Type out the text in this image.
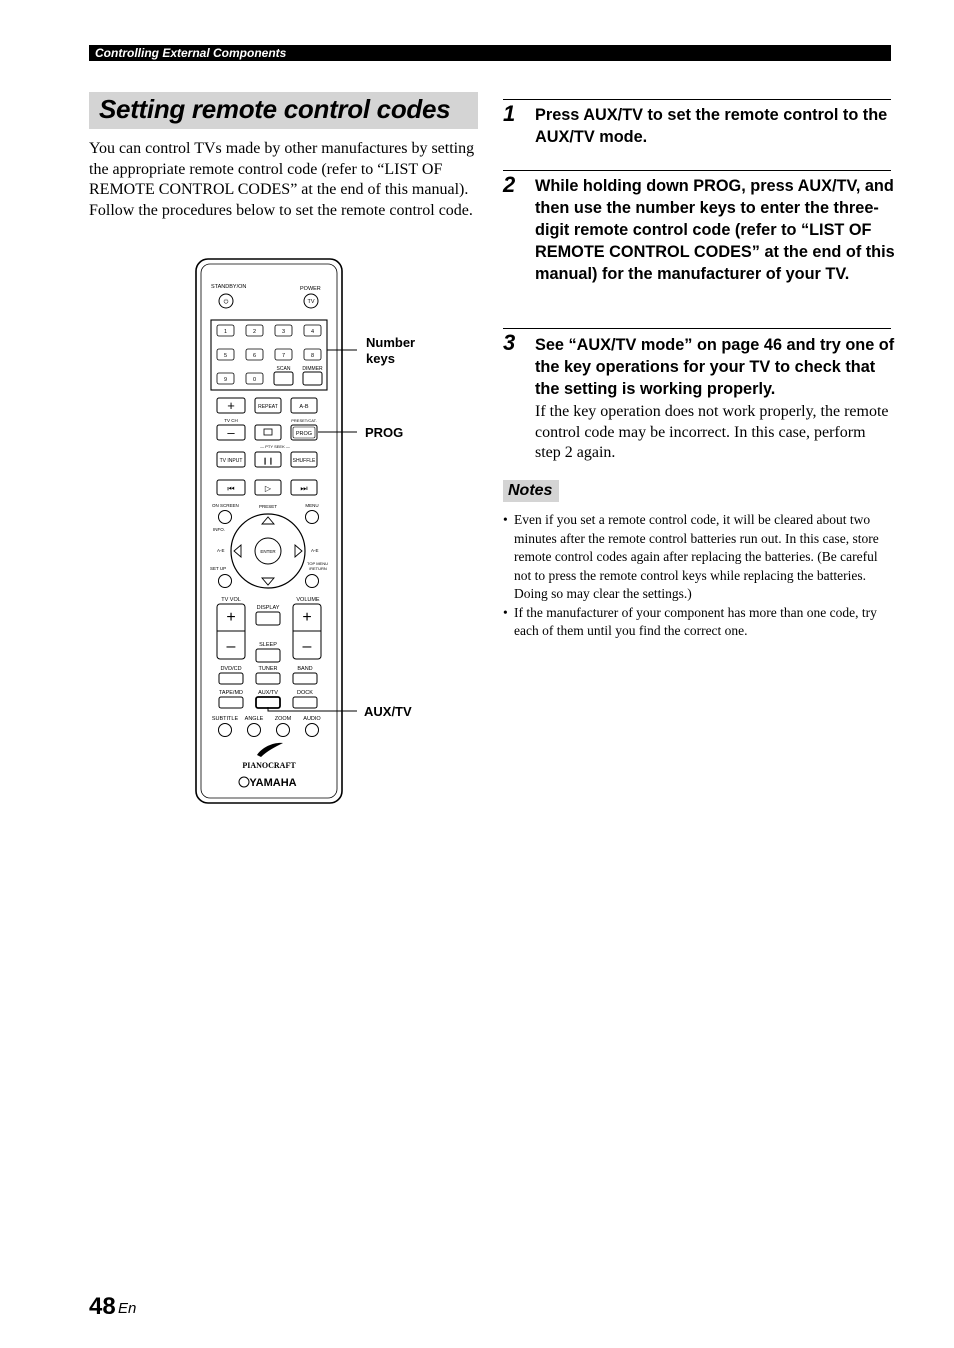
Controlling External Components
Setting remote control codes

You can control TVs made by other manufactures by setting the appropriate remote control code (refer to “LIST OF REMOTE CONTROL CODES” at the end of this manual). Follow the procedures below to set the remote control code.

STANDBY/ON	POWER
⏻	TV
1	2	3	4
5	6	7	8
SCAN DIMMER
9	0
+	REPEAT	A-B
TV CH	PRESET/CAT.
–	PROG
— PTY SEEK —
TV INPUT	❙❙	SHUFFLE
⏮	▷	⏭
ON SCREEN	PRESET	MENU
INFO.
ENTER
A-E	A-E
SET UP
TOP MENU
/RETURN
TV VOL	VOLUME
+
–
+
–
DISPLAY
SLEEP
DVD/CD	TUNER	BAND
TAPE/MD	AUX/TV	DOCK
SUBTITLE ANGLE ZOOM AUDIO
PIANOCRAFT
YAMAHA
Number
keys
PROG
AUX/TV
1 Press AUX/TV to set the remote control to the AUX/TV mode.

2 While holding down PROG, press AUX/TV, and then use the number keys to enter the three-digit remote control code (refer to “LIST OF REMOTE CONTROL CODES” at the end of this manual) for the manufacturer of your TV.

3 See “AUX/TV mode” on page 46 and try one of the key operations for your TV to check that the setting is working properly.

If the key operation does not work properly, the remote control code may be incorrect. In this case, perform step 2 again.

Notes
• Even if you set a remote control code, it will be cleared about two minutes after the remote control batteries run out. In this case, store remote control codes again after replacing the batteries. (Be careful not to press the remote control keys while replacing the batteries. Doing so may clear the settings.)
• If the manufacturer of your component has more than one code, try each of them until you find the correct one.
48 En
